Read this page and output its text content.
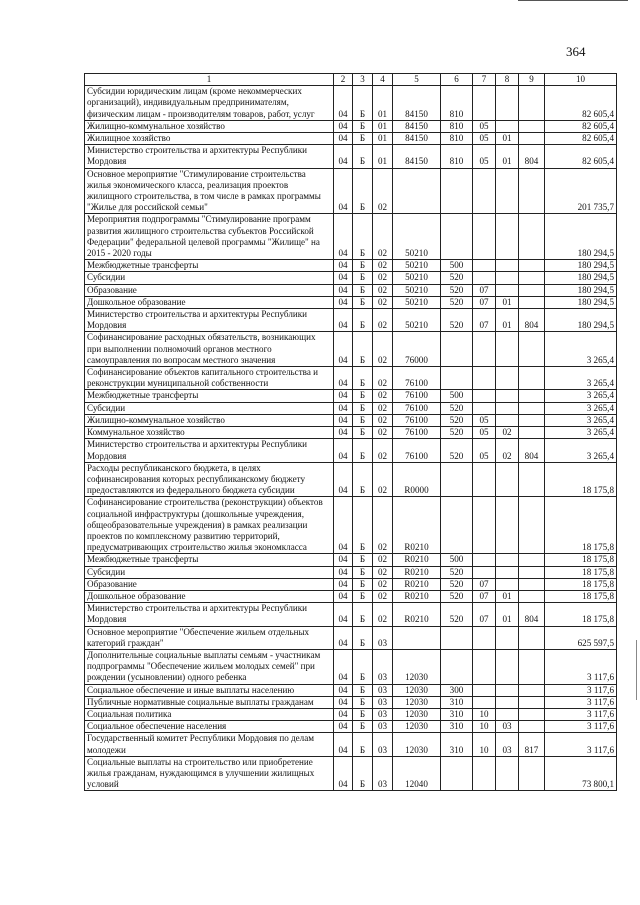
364
1	2	3	4	5	6	7	8	9	10
Субсидии юридическим лицам (кроме некоммерческих организаций), индивидуальным предпринимателям, физическим лицам - производителям товаров, работ, услуг	04	Б	01	84150	810				82 605,4
Жилищно-коммунальное хозяйство	04	Б	01	84150	810	05			82 605,4
Жилищное хозяйство	04	Б	01	84150	810	05	01		82 605,4
Министерство строительства и архитектуры Республики Мордовия	04	Б	01	84150	810	05	01	804	82 605,4
Основное мероприятие "Стимулирование строительства жилья экономического класса, реализация проектов жилищного строительства, в том числе в рамках программы "Жилье для российской семьи"	04	Б	02						201 735,7
Мероприятия подпрограммы "Стимулирование программ развития жилищного строительства субъектов Российской Федерации" федеральной целевой программы "Жилище" на 2015 - 2020 годы	04	Б	02	50210					180 294,5
Межбюджетные трансферты	04	Б	02	50210	500				180 294,5
Субсидии	04	Б	02	50210	520				180 294,5
Образование	04	Б	02	50210	520	07			180 294,5
Дошкольное образование	04	Б	02	50210	520	07	01		180 294,5
Министерство строительства и архитектуры Республики Мордовия	04	Б	02	50210	520	07	01	804	180 294,5
Софинансирование расходных обязательств, возникающих при выполнении полномочий органов местного самоуправления по вопросам местного значения	04	Б	02	76000					3 265,4
Софинансирование объектов капитального строительства и реконструкции муниципальной собственности	04	Б	02	76100					3 265,4
Межбюджетные трансферты	04	Б	02	76100	500				3 265,4
Субсидии	04	Б	02	76100	520				3 265,4
Жилищно-коммунальное хозяйство	04	Б	02	76100	520	05			3 265,4
Коммунальное хозяйство	04	Б	02	76100	520	05	02		3 265,4
Министерство строительства и архитектуры Республики Мордовия	04	Б	02	76100	520	05	02	804	3 265,4
Расходы республиканского бюджета, в целях софинансирования которых республиканскому бюджету предоставляются из федерального бюджета субсидии	04	Б	02	R0000					18 175,8
Софинансирование строительства (реконструкции) объектов социальной инфраструктуры (дошкольные учреждения, общеобразовательные учреждения) в рамках реализации проектов по комплексному развитию территорий, предусматривающих строительство жилья экономкласса	04	Б	02	R0210					18 175,8
Межбюджетные трансферты	04	Б	02	R0210	500				18 175,8
Субсидии	04	Б	02	R0210	520				18 175,8
Образование	04	Б	02	R0210	520	07			18 175,8
Дошкольное образование	04	Б	02	R0210	520	07	01		18 175,8
Министерство строительства и архитектуры Республики Мордовия	04	Б	02	R0210	520	07	01	804	18 175,8
Основное мероприятие "Обеспечение жильем отдельных категорий граждан"	04	Б	03						625 597,5
Дополнительные социальные выплаты семьям - участникам подпрограммы "Обеспечение жильем молодых семей" при рождении (усыновлении) одного ребенка	04	Б	03	12030					3 117,6
Социальное обеспечение и иные выплаты населению	04	Б	03	12030	300				3 117,6
Публичные нормативные социальные выплаты гражданам	04	Б	03	12030	310				3 117,6
Социальная политика	04	Б	03	12030	310	10			3 117,6
Социальное обеспечение населения	04	Б	03	12030	310	10	03		3 117,6
Государственный комитет Республики Мордовия по делам молодежи	04	Б	03	12030	310	10	03	817	3 117,6
Социальные выплаты на строительство или приобретение жилья гражданам, нуждающимся в улучшении жилищных условий	04	Б	03	12040					73 800,1
